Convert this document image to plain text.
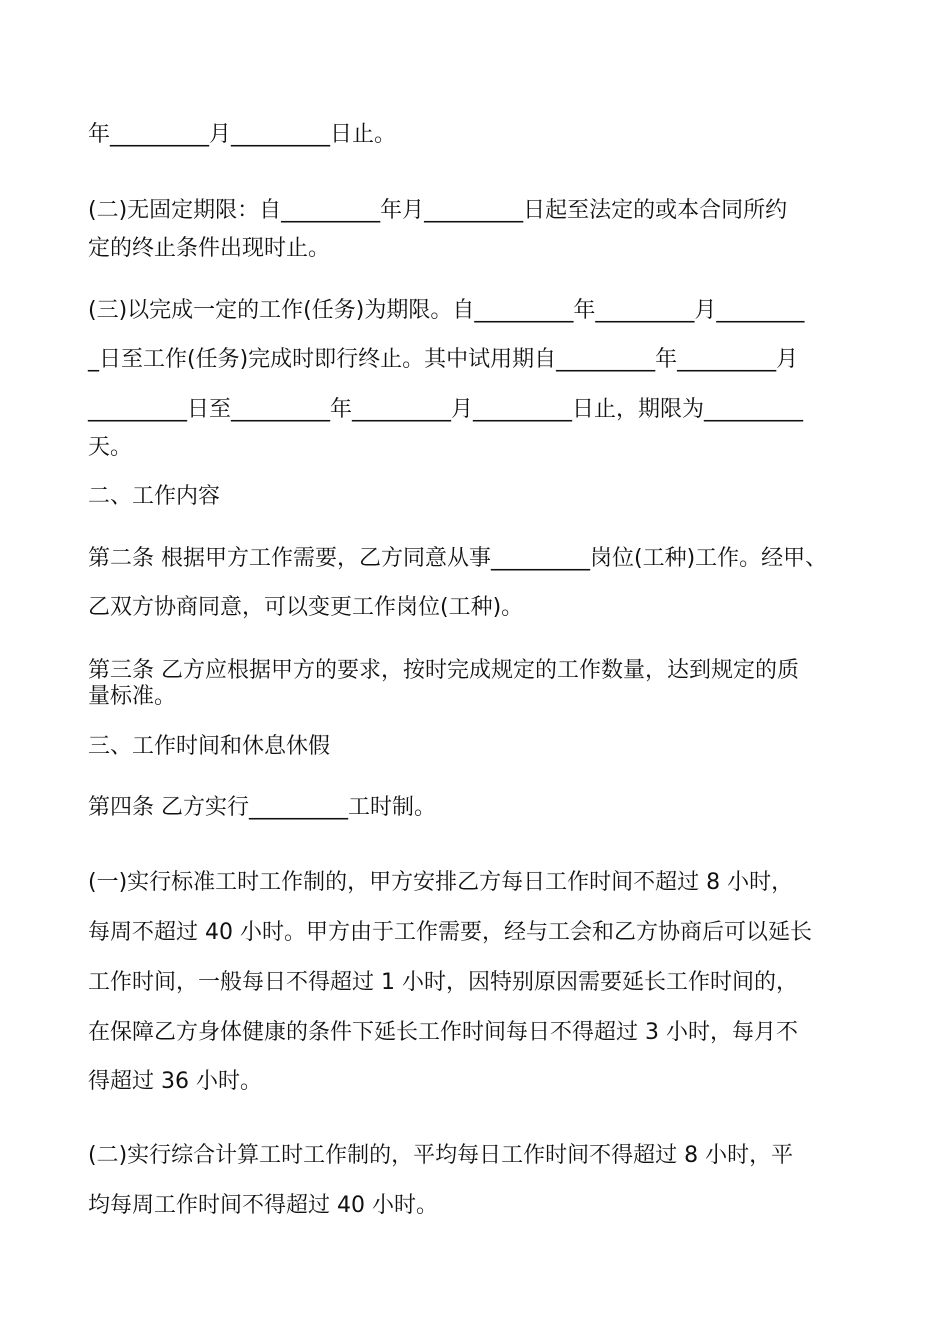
年_________月_________日止。
(二)无固定期限：自_________年月_________日起至法定的或本合同所约
定的终止条件出现时止。
(三)以完成一定的工作(任务)为期限。自_________年_________月________
_日至工作(任务)完成时即行终止。其中试用期自_________年_________月
_________日至_________年_________月_________日止，期限为_________
天。
二、工作内容
第二条 根据甲方工作需要，乙方同意从事_________岗位(工种)工作。经甲、
乙双方协商同意，可以变更工作岗位(工种)。
第三条 乙方应根据甲方的要求，按时完成规定的工作数量，达到规定的质
量标准。
三、工作时间和休息休假
第四条 乙方实行_________工时制。
(一)实行标准工时工作制的，甲方安排乙方每日工作时间不超过 8 小时，
每周不超过 40 小时。甲方由于工作需要，经与工会和乙方协商后可以延长
工作时间，一般每日不得超过 1 小时，因特别原因需要延长工作时间的，
在保障乙方身体健康的条件下延长工作时间每日不得超过 3 小时，每月不
得超过 36 小时。
(二)实行综合计算工时工作制的，平均每日工作时间不得超过 8 小时，平
均每周工作时间不得超过 40 小时。
